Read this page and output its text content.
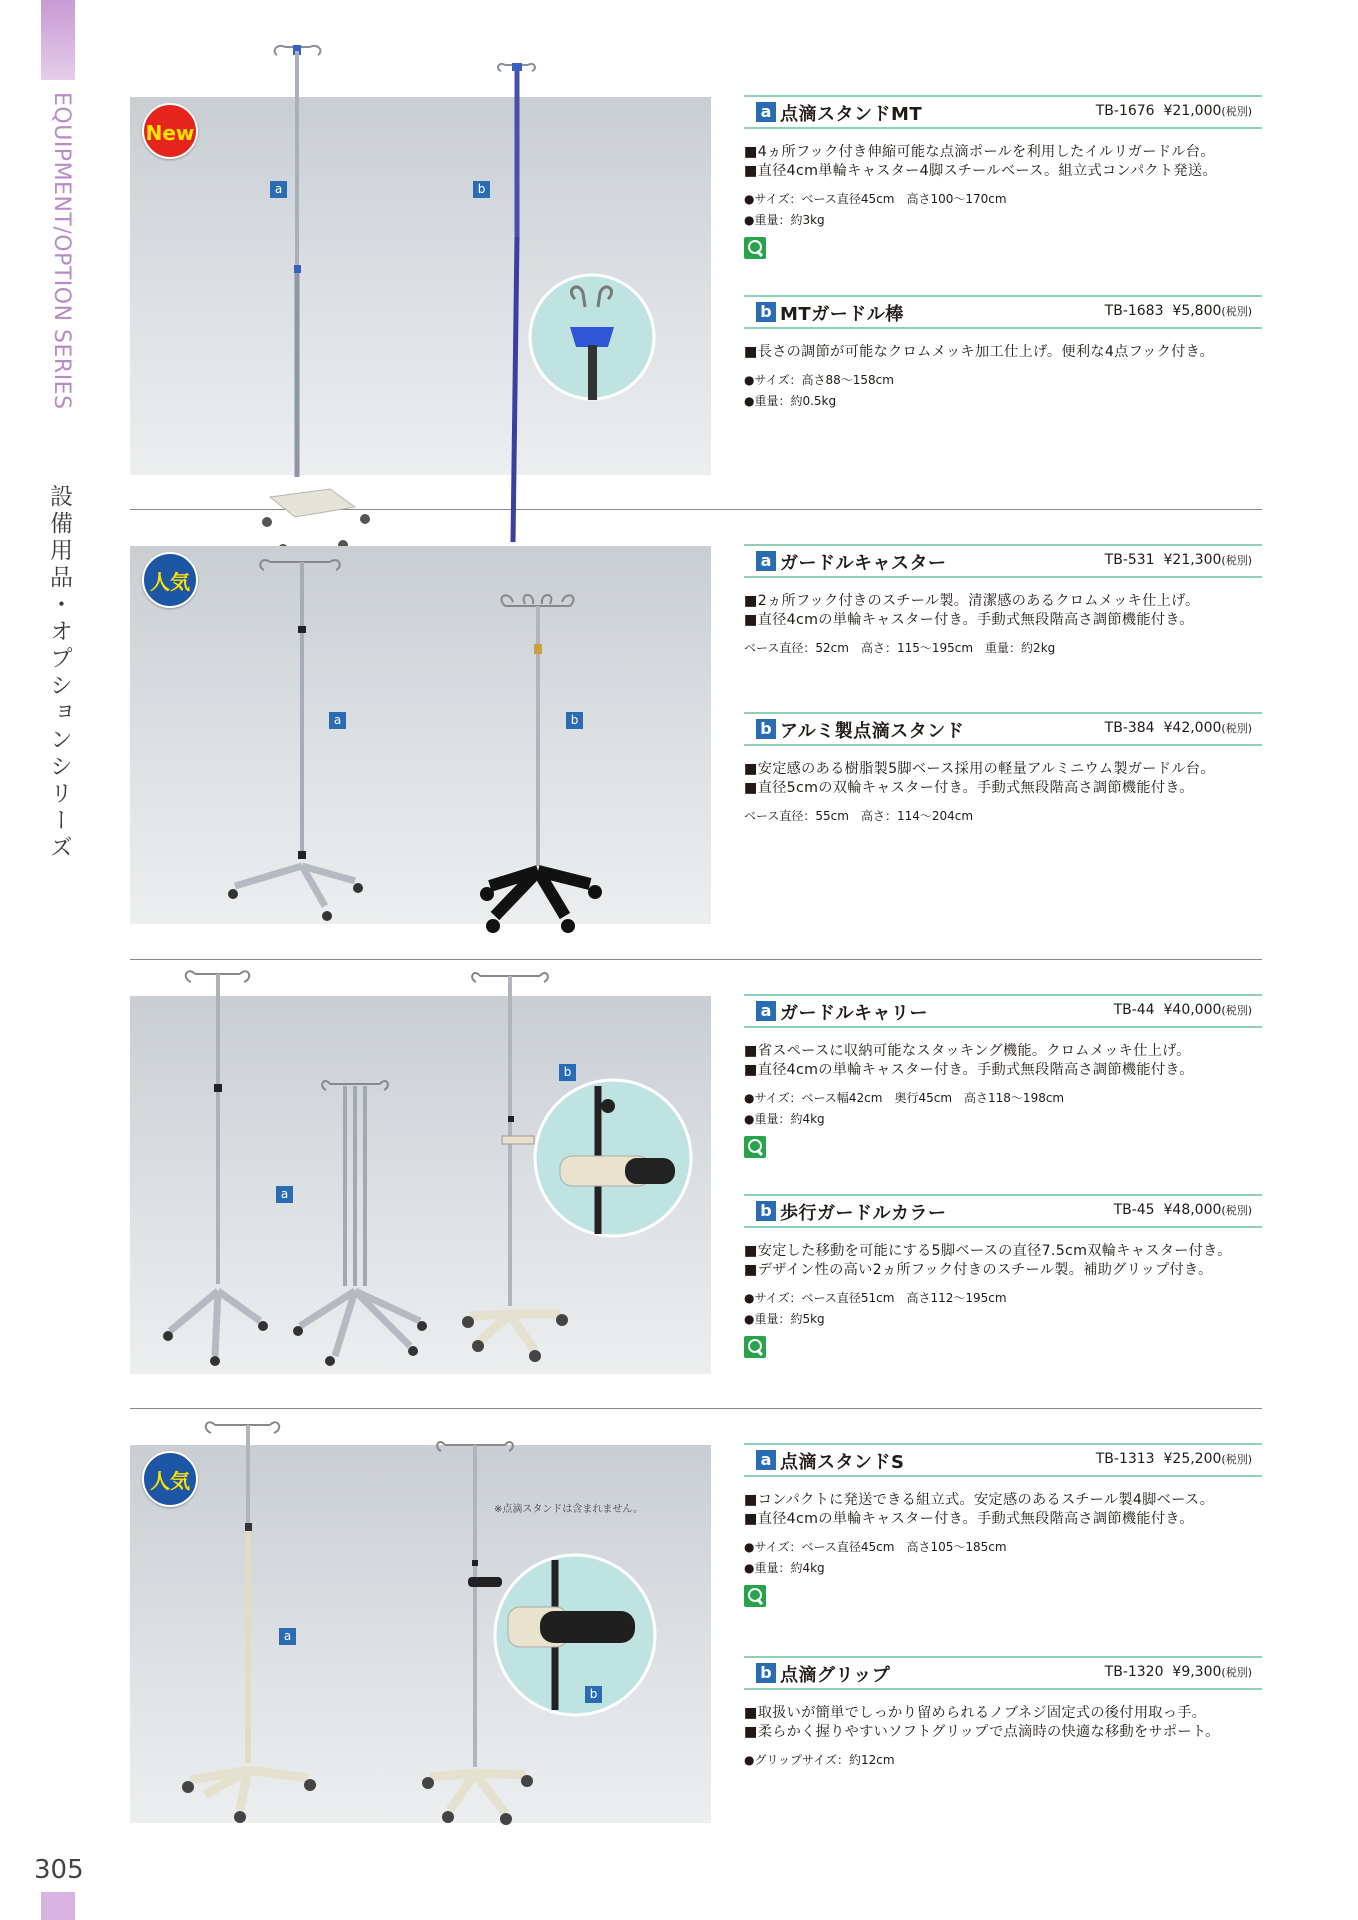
EQUIPMENT/OPTION SERIES
設備用品・オプションシリーズ
305
New
a	b
a 点滴スタンドMT	TB-1676 ¥21,000(税別)
■4ヵ所フック付き伸縮可能な点滴ポールを利用したイルリガードル台。
■直径4cm単輪キャスター4脚スチールベース。組立式コンパクト発送。
●サイズ：ベース直径45cm　高さ100～170cm
●重量：約3kg
b MTガードル棒	TB-1683 ¥5,800(税別)
■長さの調節が可能なクロムメッキ加工仕上げ。便利な4点フック付き。
●サイズ：高さ88～158cm
●重量：約0.5kg
人気
a	b
a ガードルキャスター	TB-531 ¥21,300(税別)
■2ヵ所フック付きのスチール製。清潔感のあるクロムメッキ仕上げ。
■直径4cmの単輪キャスター付き。手動式無段階高さ調節機能付き。
ベース直径：52cm　高さ：115～195cm　重量：約2kg
b アルミ製点滴スタンド	TB-384 ¥42,000(税別)
■安定感のある樹脂製5脚ベース採用の軽量アルミニウム製ガードル台。
■直径5cmの双輪キャスター付き。手動式無段階高さ調節機能付き。
ベース直径：55cm　高さ：114～204cm
a
b
a ガードルキャリー	TB-44 ¥40,000(税別)
■省スペースに収納可能なスタッキング機能。クロムメッキ仕上げ。
■直径4cmの単輪キャスター付き。手動式無段階高さ調節機能付き。
●サイズ：ベース幅42cm　奥行45cm　高さ118～198cm
●重量：約4kg
b 歩行ガードルカラー	TB-45 ¥48,000(税別)
■安定した移動を可能にする5脚ベースの直径7.5cm双輪キャスター付き。
■デザイン性の高い2ヵ所フック付きのスチール製。補助グリップ付き。
●サイズ：ベース直径51cm　高さ112～195cm
●重量：約5kg
人気
※点滴スタンドは含まれません。
a
b
a 点滴スタンドS	TB-1313 ¥25,200(税別)
■コンパクトに発送できる組立式。安定感のあるスチール製4脚ベース。
■直径4cmの単輪キャスター付き。手動式無段階高さ調節機能付き。
●サイズ：ベース直径45cm　高さ105～185cm
●重量：約4kg
b 点滴グリップ	TB-1320 ¥9,300(税別)
■取扱いが簡単でしっかり留められるノブネジ固定式の後付用取っ手。
■柔らかく握りやすいソフトグリップで点滴時の快適な移動をサポート。
●グリップサイズ：約12cm
